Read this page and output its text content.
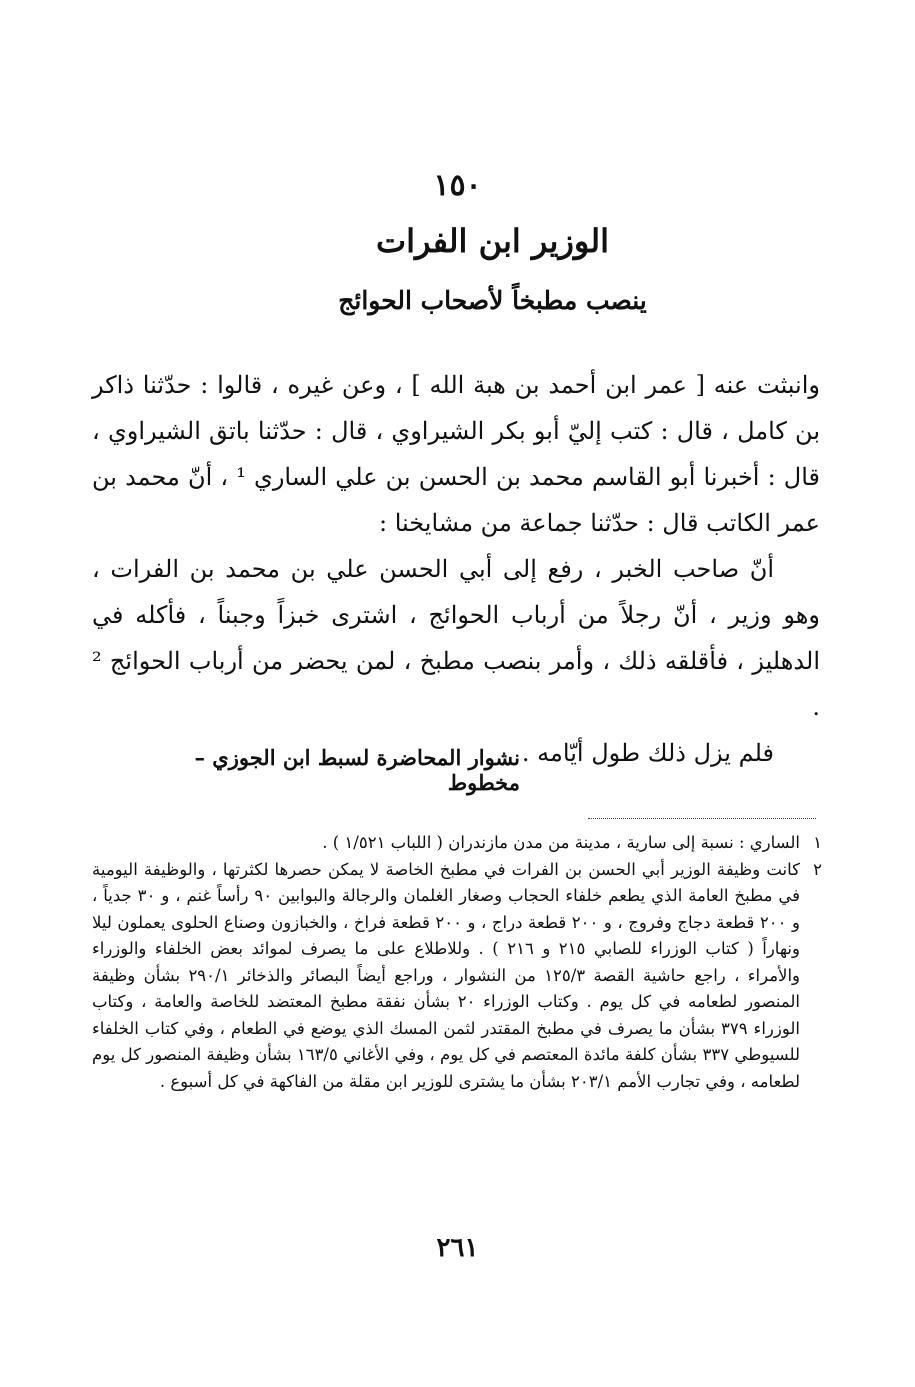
١٥٠
الوزير ابن الفرات
ينصب مطبخاً لأصحاب الحوائج

وانبثت عنه [ عمر ابن أحمد بن هبة الله ] ، وعن غيره ، قالوا : حدّثنا ذاكر بن كامل ، قال : كتب إليّ أبو بكر الشيراوي ، قال : حدّثنا باتق الشيراوي ، قال : أخبرنا أبو القاسم محمد بن الحسن بن علي الساري ¹ ، أنّ محمد بن عمر الكاتب قال : حدّثنا جماعة من مشايخنا :

أنّ صاحب الخبر ، رفع إلى أبي الحسن علي بن محمد بن الفرات ، وهو وزير ، أنّ رجلاً من أرباب الحوائج ، اشترى خبزاً وجبناً ، فأكله في الدهليز ، فأقلقه ذلك ، وأمر بنصب مطبخ ، لمن يحضر من أرباب الحوائج ² .

فلم يزل ذلك طول أيّامه .

نشوار المحاضرة لسبط ابن الجوزي – مخطوط
١
الساري : نسبة إلى سارية ، مدينة من مدن مازندران ( اللباب ١/٥٢١ ) .
٢
كانت وظيفة الوزير أبي الحسن بن الفرات في مطبخ الخاصة لا يمكن حصرها لكثرتها ، والوظيفة اليومية في مطبخ العامة الذي يطعم خلفاء الحجاب وصغار الغلمان والرجالة والبوابين ٩٠ رأساً غنم ، و ٣٠ جدياً ، و ٢٠٠ قطعة دجاج وفروج ، و ٢٠٠ قطعة دراج ، و ٢٠٠ قطعة فراخ ، والخبازون وصناع الحلوى يعملون ليلا ونهاراً ( كتاب الوزراء للصابي ٢١٥ و ٢١٦ ) . وللاطلاع على ما يصرف لموائد بعض الخلفاء والوزراء والأمراء ، راجع حاشية القصة ١٢٥/٣ من النشوار ، وراجع أيضاً البصائر والذخائر ٢٩٠/١ بشأن وظيفة المنصور لطعامه في كل يوم . وكتاب الوزراء ٢٠ بشأن نفقة مطبخ المعتضد للخاصة والعامة ، وكتاب الوزراء ٣٧٩ بشأن ما يصرف في مطبخ المقتدر لثمن المسك الذي يوضع في الطعام ، وفي كتاب الخلفاء للسيوطي ٣٣٧ بشأن كلفة مائدة المعتصم في كل يوم ، وفي الأغاني ١٦٣/٥ بشأن وظيفة المنصور كل يوم لطعامه ، وفي تجارب الأمم ٢٠٣/١ بشأن ما يشترى للوزير ابن مقلة من الفاكهة في كل أسبوع .
٢٦١
